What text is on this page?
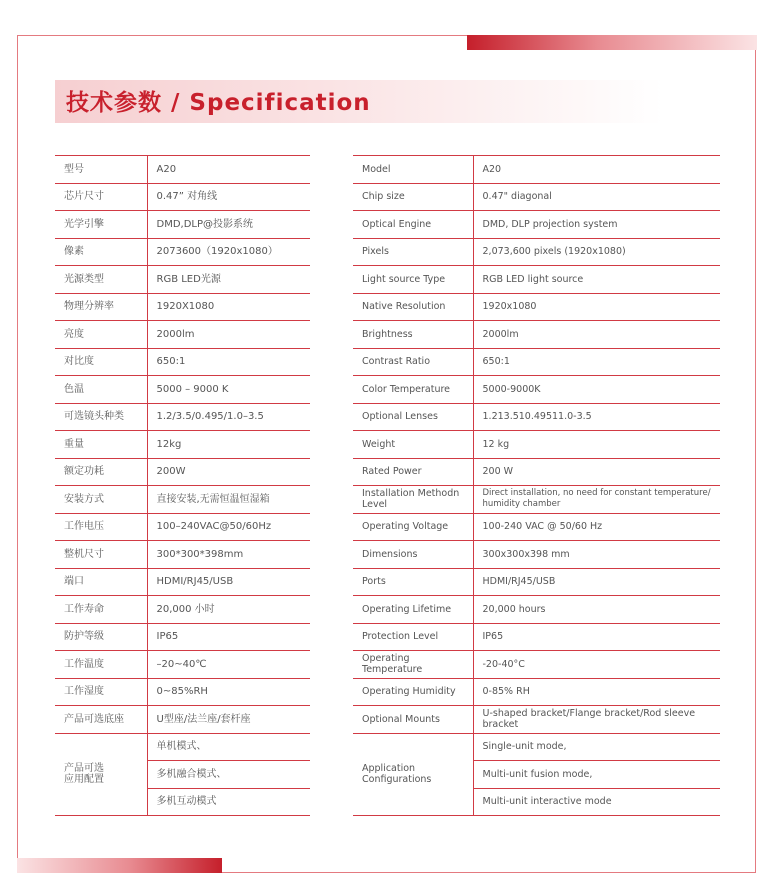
技术参数 / Specification
型号	A20
芯片尺寸	0.47” 对角线
光学引擎	DMD,DLP@投影系统
像素	2073600（1920x1080）
光源类型	RGB LED光源
物理分辨率	1920X1080
亮度	2000lm
对比度	650:1
色温	5000 – 9000 K
可选镜头种类	1.2/3.5/0.495/1.0–3.5
重量	12kg
额定功耗	200W
安装方式	直接安装,无需恒温恒湿箱
工作电压	100–240VAC@50/60Hz
整机尺寸	300*300*398mm
端口	HDMI/RJ45/USB
工作寿命	20,000 小时
防护等级	IP65
工作温度	–20~40℃
工作湿度	0~85%RH
产品可选底座	U型座/法兰座/套杆座
产品可选
应用配置	单机模式、
	多机融合模式、
	多机互动模式
Model	A20
Chip size	0.47" diagonal
Optical Engine	DMD, DLP projection system
Pixels	2,073,600 pixels (1920x1080)
Light source Type	RGB LED light source
Native Resolution	1920x1080
Brightness	2000lm
Contrast Ratio	650:1
Color Temperature	5000-9000K
Optional Lenses	1.213.510.49511.0-3.5
Weight	12 kg
Rated Power	200 W
Installation Methodn Level	Direct installation, no need for constant temperature/ humidity chamber
Operating Voltage	100-240 VAC @ 50/60 Hz
Dimensions	300x300x398 mm
Ports	HDMI/RJ45/USB
Operating Lifetime	20,000 hours
Protection Level	IP65
Operating Temperature	-20-40°C
Operating Humidity	0-85% RH
Optional Mounts	U-shaped bracket/Flange bracket/Rod sleeve bracket
Application
Configurations	Single-unit mode,
	Multi-unit fusion mode,
	Multi-unit interactive mode
